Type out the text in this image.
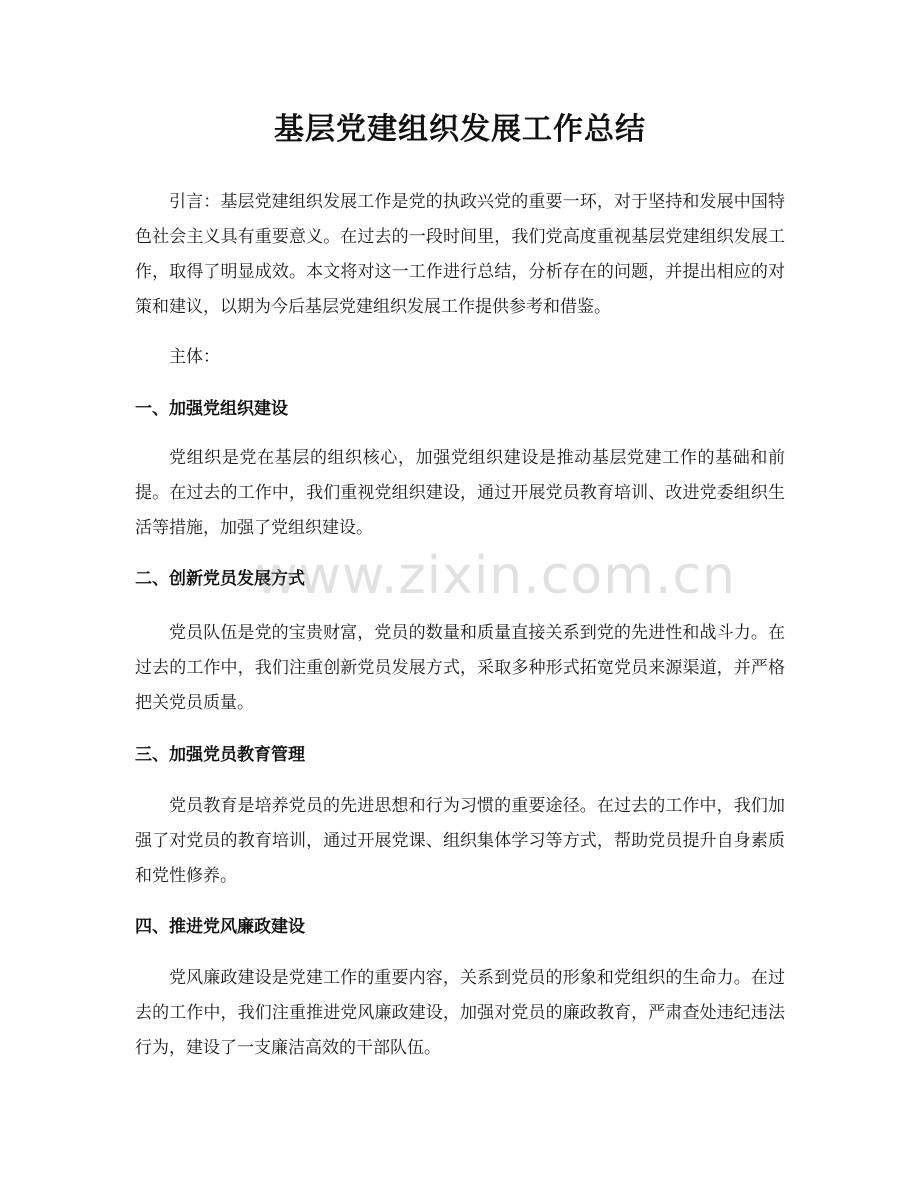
基层党建组织发展工作总结

引言：基层党建组织发展工作是党的执政兴党的重要一环，对于坚持和发展中国特色社会主义具有重要意义。在过去的一段时间里，我们党高度重视基层党建组织发展工作，取得了明显成效。本文将对这一工作进行总结，分析存在的问题，并提出相应的对策和建议，以期为今后基层党建组织发展工作提供参考和借鉴。

主体：

一、加强党组织建设

党组织是党在基层的组织核心，加强党组织建设是推动基层党建工作的基础和前提。在过去的工作中，我们重视党组织建设，通过开展党员教育培训、改进党委组织生活等措施，加强了党组织建设。

二、创新党员发展方式

党员队伍是党的宝贵财富，党员的数量和质量直接关系到党的先进性和战斗力。在过去的工作中，我们注重创新党员发展方式，采取多种形式拓宽党员来源渠道，并严格把关党员质量。

三、加强党员教育管理

党员教育是培养党员的先进思想和行为习惯的重要途径。在过去的工作中，我们加强了对党员的教育培训，通过开展党课、组织集体学习等方式，帮助党员提升自身素质和党性修养。

四、推进党风廉政建设

党风廉政建设是党建工作的重要内容，关系到党员的形象和党组织的生命力。在过去的工作中，我们注重推进党风廉政建设，加强对党员的廉政教育，严肃查处违纪违法行为，建设了一支廉洁高效的干部队伍。

www.zixin.com.cn
